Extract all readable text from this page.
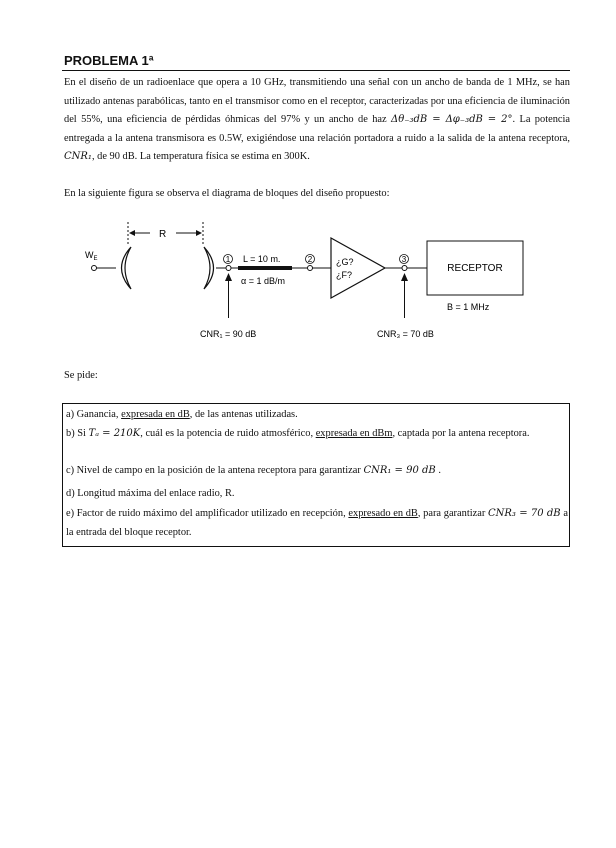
PROBLEMA 1ª
En el diseño de un radioenlace que opera a 10 GHz, transmitiendo una señal con un ancho de banda de 1 MHz, se han utilizado antenas parabólicas, tanto en el transmisor como en el receptor, caracterizadas por una eficiencia de iluminación del 55%, una eficiencia de pérdidas óhmicas del 97% y un ancho de haz Δθ₋₃dB = Δφ₋₃dB = 2°. La potencia entregada a la antena transmisora es 0.5W, exigiéndose una relación portadora a ruido a la salida de la antena receptora, CNR₁, de 90 dB. La temperatura física se estima en 300K.
En la siguiente figura se observa el diagrama de bloques del diseño propuesto:
$W_E$
R
1 L = 10 m.
α = 1 dB/m
2	¿G?
¿F?
3
RECEPTOR
B = 1 MHz
CNR₁ = 90 dB	CNR₃ = 70 dB
Se pide:
a) Ganancia, expresada en dB, de las antenas utilizadas.
b) Si Tₐ = 210K, cuál es la potencia de ruido atmosférico, expresada en dBm, captada por la antena receptora.
c) Nivel de campo en la posición de la antena receptora para garantizar CNR₁ = 90 dB .
d) Longitud máxima del enlace radio, R.
e) Factor de ruido máximo del amplificador utilizado en recepción, expresado en dB, para garantizar CNR₃ = 70 dB a la entrada del bloque receptor.
